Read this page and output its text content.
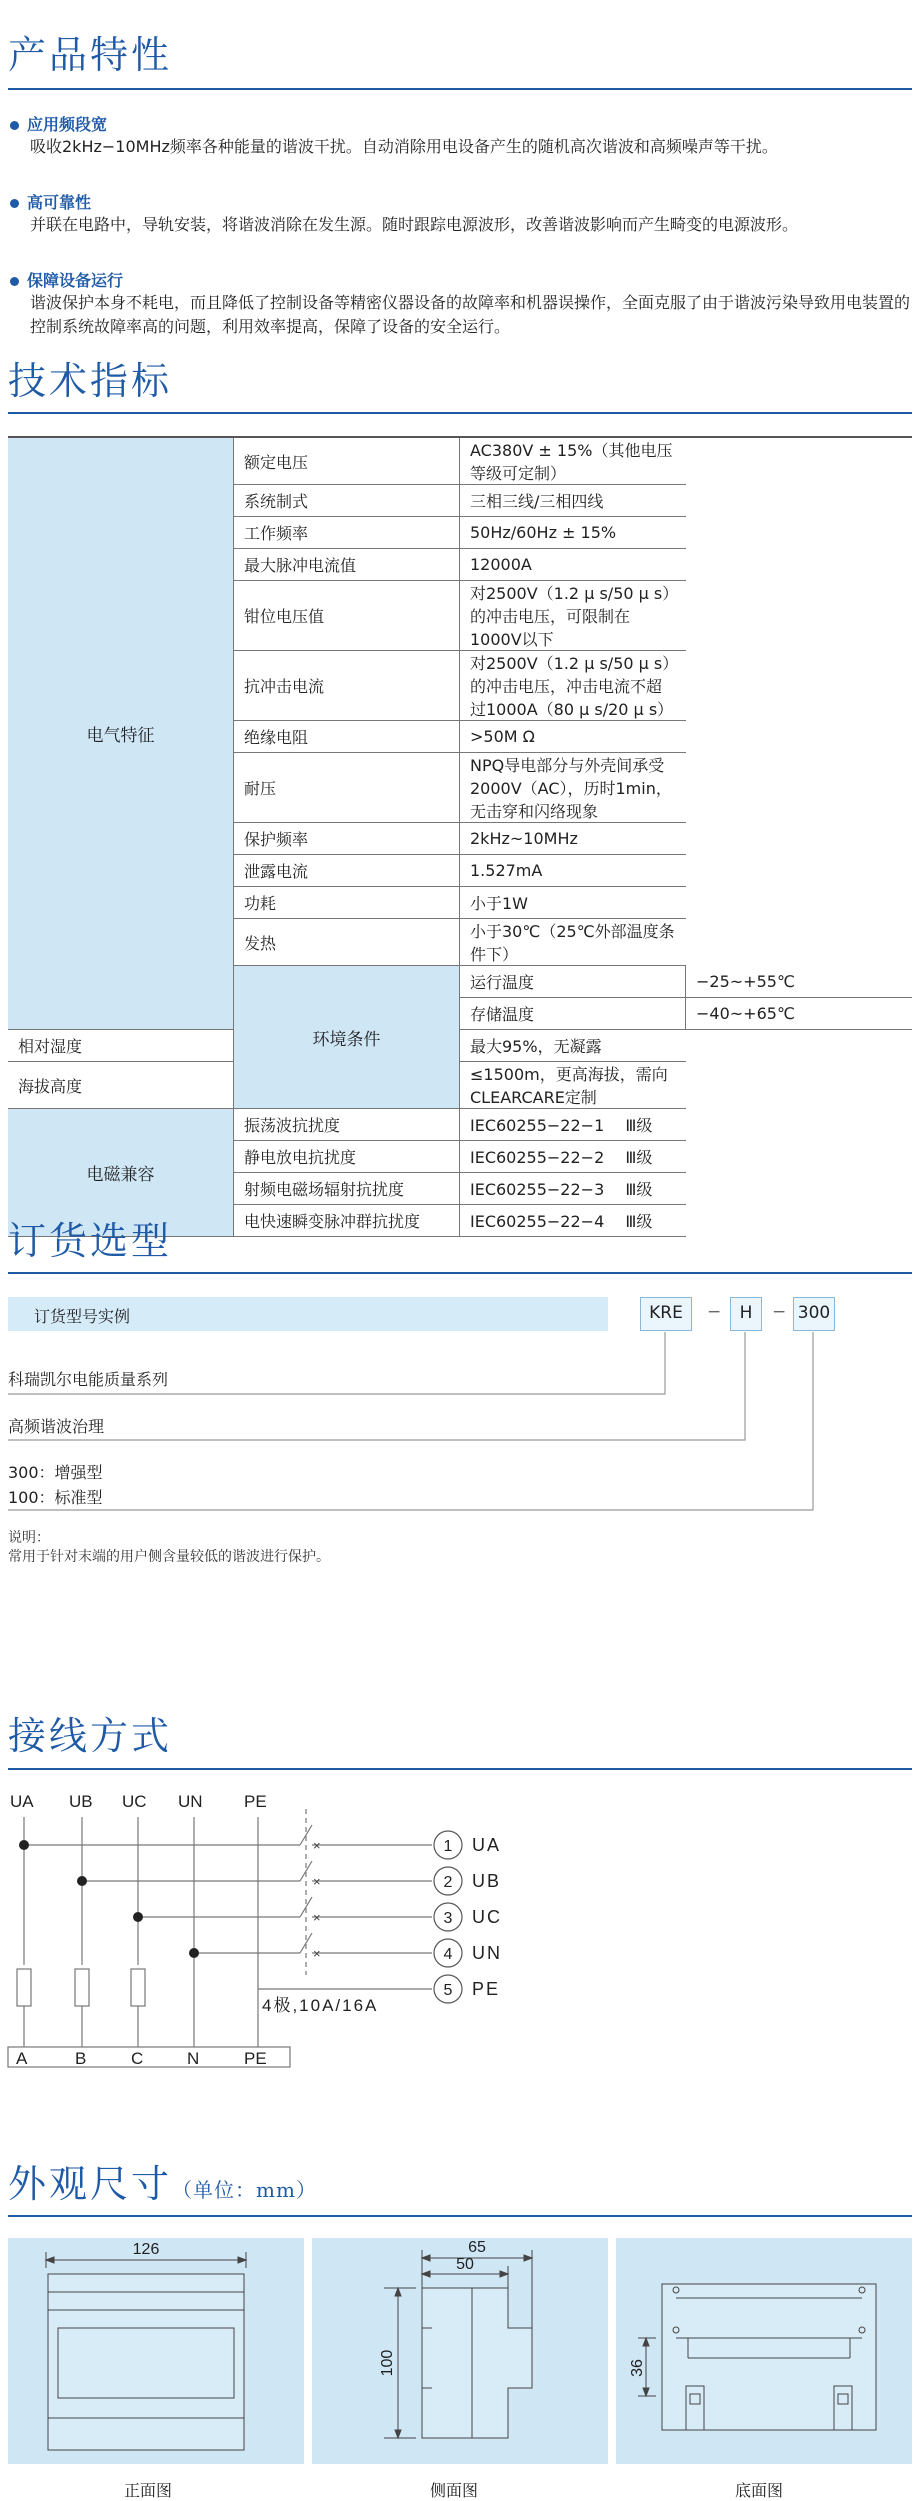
产品特性
应用频段宽
吸收2kHz−10MHz频率各种能量的谐波干扰。自动消除用电设备产生的随机高次谐波和高频噪声等干扰。
高可靠性
并联在电路中，导轨安装，将谐波消除在发生源。随时跟踪电源波形，改善谐波影响而产生畸变的电源波形。
保障设备运行
谐波保护本身不耗电，而且降低了控制设备等精密仪器设备的故障率和机器误操作，全面克服了由于谐波污染导致用电装置的控制系统故障率高的问题，利用效率提高，保障了设备的安全运行。
技术指标
电气特征	额定电压	AC380V ± 15%（其他电压等级可定制）	
	系统制式	三相三线/三相四线	
	工作频率	50Hz/60Hz ± 15%	
	最大脉冲电流值	12000A	
	钳位电压值	对2500V（1.2 μ s/50 μ s）的冲击电压，可限制在1000V以下	
	抗冲击电流	对2500V（1.2 μ s/50 μ s）的冲击电压，冲击电流不超过1000A（80 μ s/20 μ s）	
	绝缘电阻	>50M Ω	
	耐压	NPQ导电部分与外壳间承受2000V（AC），历时1min，无击穿和闪络现象	
	保护频率	2kHz~10MHz	
	泄露电流	1.527mA	
	功耗	小于1W	
	发热	小于30℃（25℃外部温度条件下）	
	环境条件	运行温度	−25~+55℃
		存储温度	−40~+65℃
相对湿度		最大95%，无凝露	
海拔高度		≤1500m，更高海拔，需向CLEARCARE定制	
电磁兼容	振荡波抗扰度	IEC60255−22−1　 Ⅲ级	
	静电放电抗扰度	IEC60255−22−2　 Ⅲ级	
	射频电磁场辐射抗扰度	IEC60255−22−3　 Ⅲ级	
	电快速瞬变脉冲群抗扰度	IEC60255−22−4　 Ⅲ级	
订货选型
订货型号实例	KRE	−	H	− 300
科瑞凯尔电能质量系列
高频谐波治理
300：增强型
100：标准型
说明：
常用于针对末端的用户侧含量较低的谐波进行保护。
接线方式
UA UB UC UN PE
×
×
×
×
1
2
3
4
5
UA
UB
UC
UN
PE
4极,10A/16A
A	B	C	N	PE
外观尺寸（单位：mm）
126
正面图
65
50
100
侧面图
36
底面图
